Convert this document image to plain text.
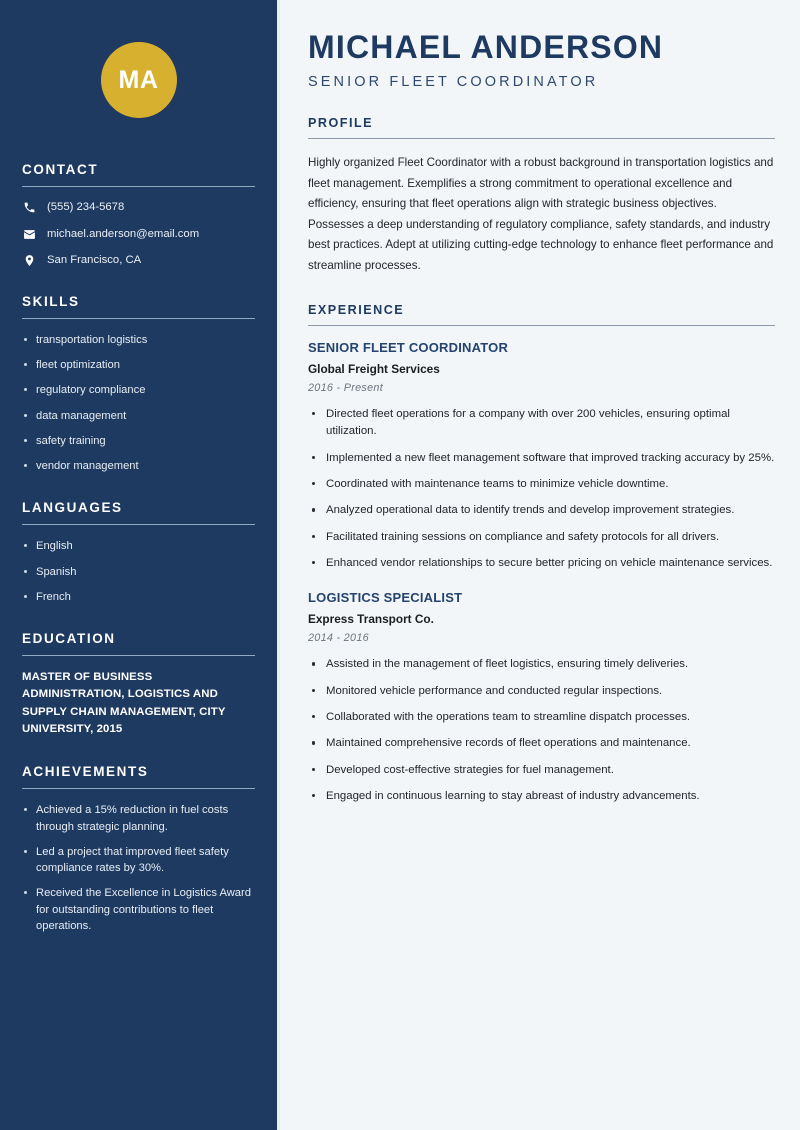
MA
CONTACT
(555) 234-5678
michael.anderson@email.com
San Francisco, CA
SKILLS
transportation logistics
fleet optimization
regulatory compliance
data management
safety training
vendor management
LANGUAGES
English
Spanish
French
EDUCATION
MASTER OF BUSINESS ADMINISTRATION, LOGISTICS AND SUPPLY CHAIN MANAGEMENT, CITY UNIVERSITY, 2015
ACHIEVEMENTS
Achieved a 15% reduction in fuel costs through strategic planning.
Led a project that improved fleet safety compliance rates by 30%.
Received the Excellence in Logistics Award for outstanding contributions to fleet operations.
MICHAEL ANDERSON
SENIOR FLEET COORDINATOR
PROFILE

Highly organized Fleet Coordinator with a robust background in transportation logistics and fleet management. Exemplifies a strong commitment to operational excellence and efficiency, ensuring that fleet operations align with strategic business objectives. Possesses a deep understanding of regulatory compliance, safety standards, and industry best practices. Adept at utilizing cutting-edge technology to enhance fleet performance and streamline processes.

EXPERIENCE
SENIOR FLEET COORDINATOR
Global Freight Services
2016 - Present
Directed fleet operations for a company with over 200 vehicles, ensuring optimal utilization.
Implemented a new fleet management software that improved tracking accuracy by 25%.
Coordinated with maintenance teams to minimize vehicle downtime.
Analyzed operational data to identify trends and develop improvement strategies.
Facilitated training sessions on compliance and safety protocols for all drivers.
Enhanced vendor relationships to secure better pricing on vehicle maintenance services.
LOGISTICS SPECIALIST
Express Transport Co.
2014 - 2016
Assisted in the management of fleet logistics, ensuring timely deliveries.
Monitored vehicle performance and conducted regular inspections.
Collaborated with the operations team to streamline dispatch processes.
Maintained comprehensive records of fleet operations and maintenance.
Developed cost-effective strategies for fuel management.
Engaged in continuous learning to stay abreast of industry advancements.
